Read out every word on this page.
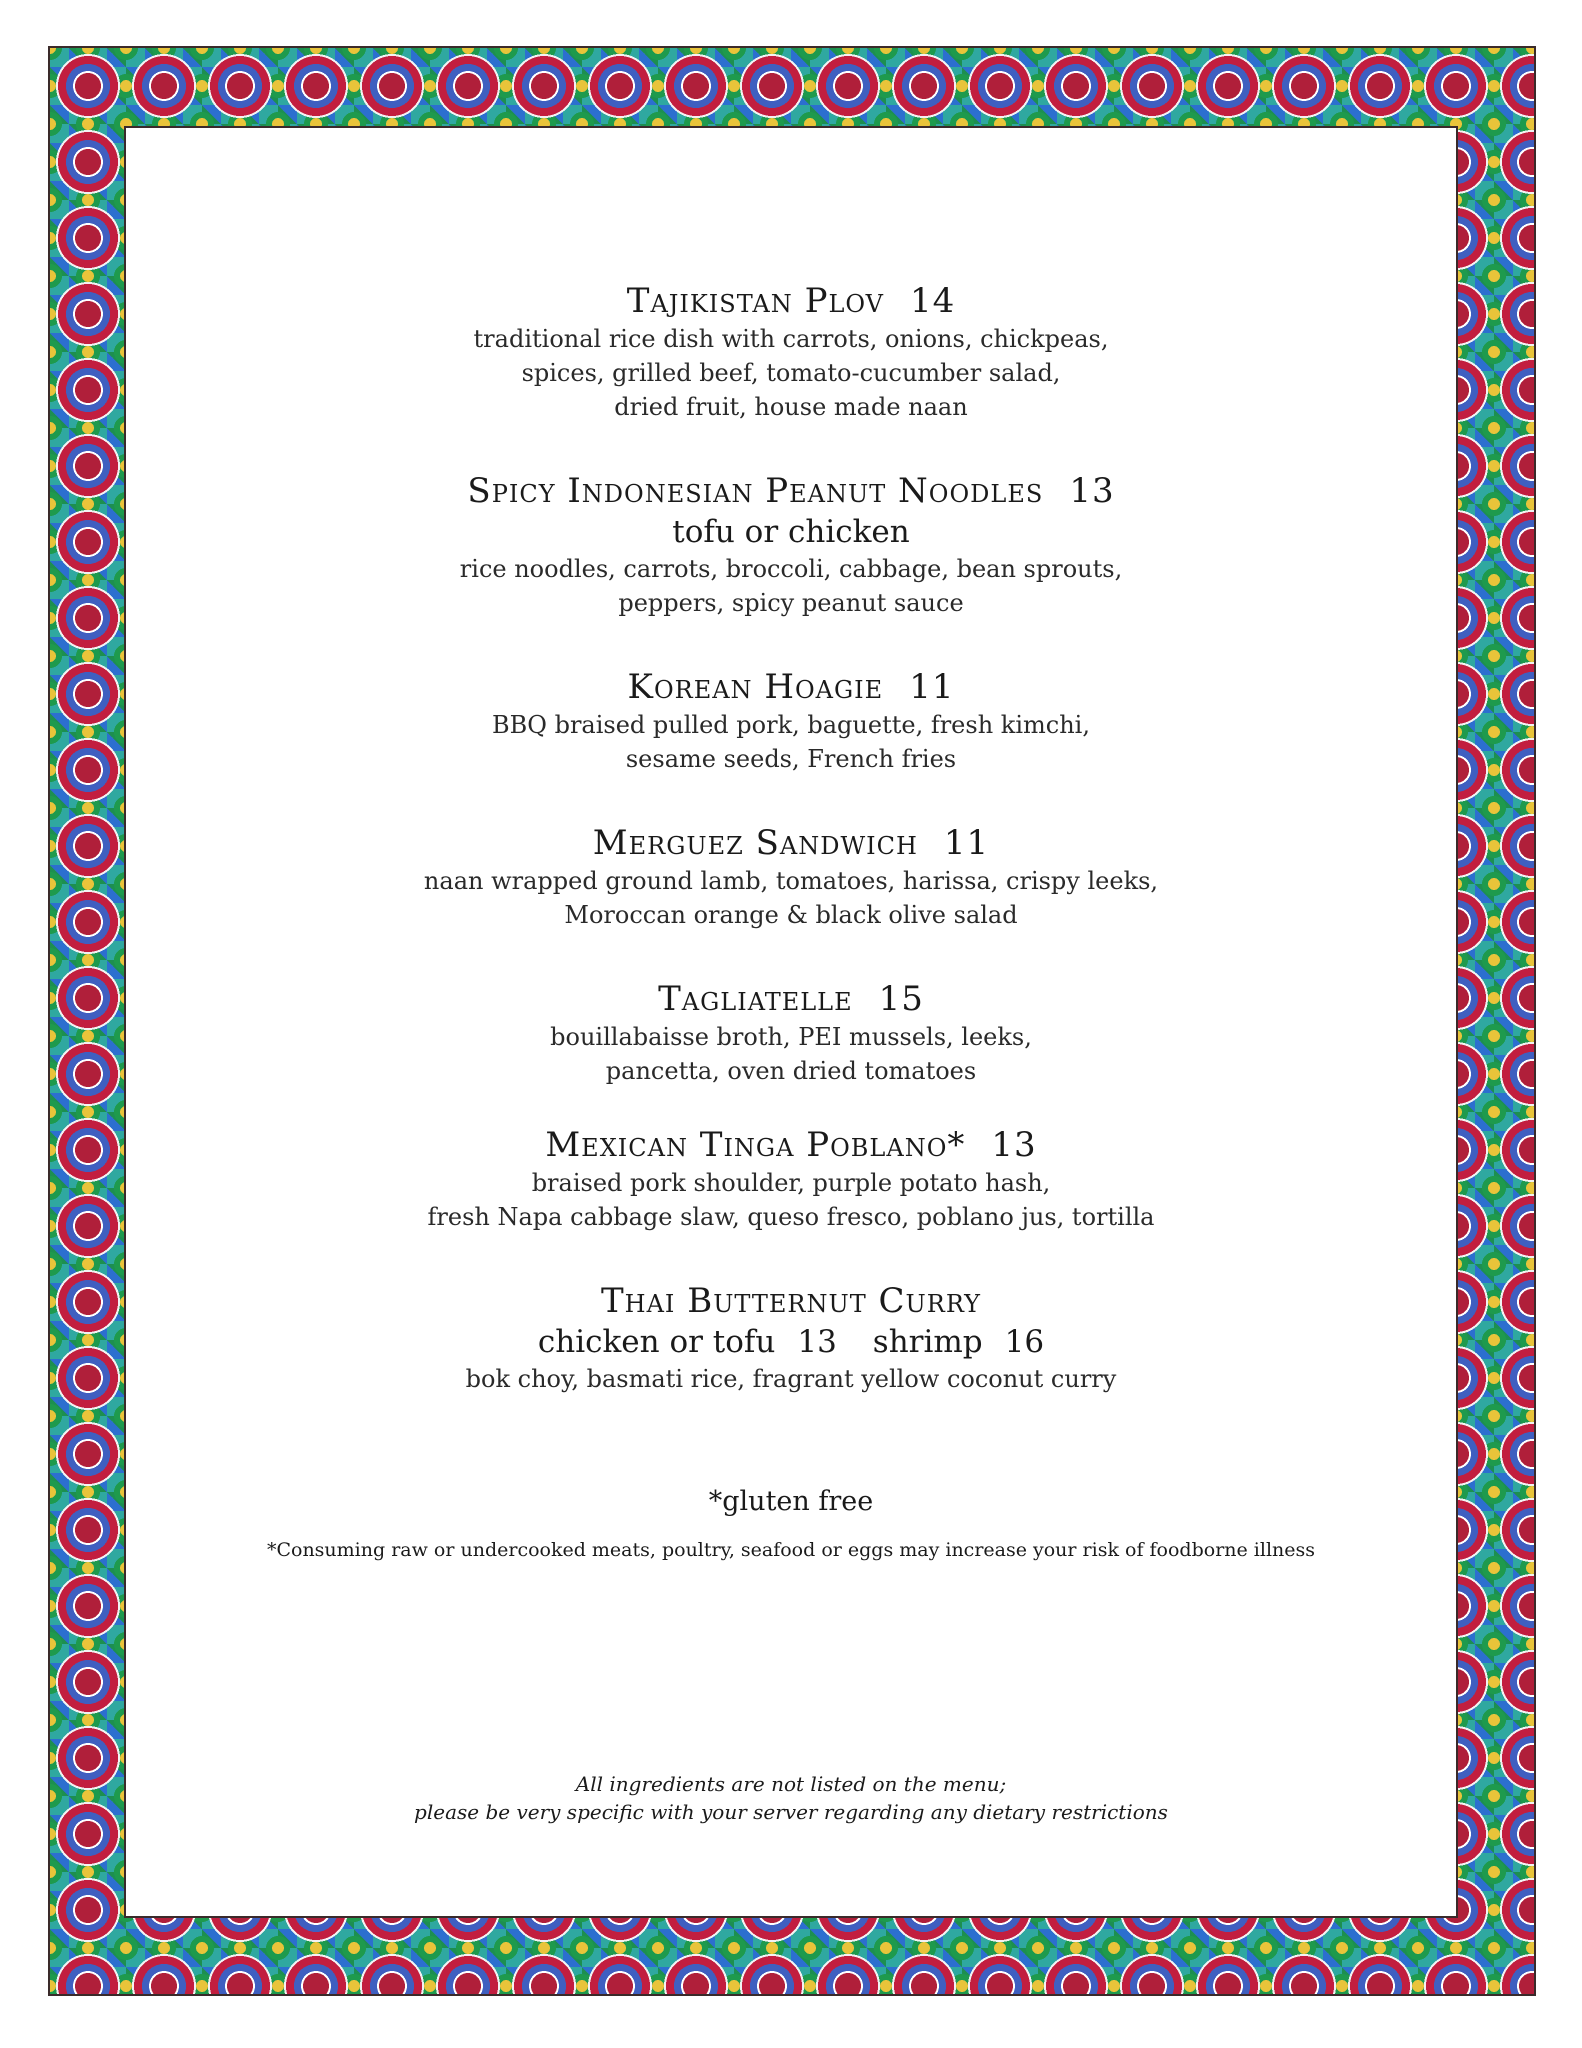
Tajikistan Plov 14
traditional rice dish with carrots, onions, chickpeas,
spices, grilled beef, tomato-cucumber salad,
dried fruit, house made naan
Spicy Indonesian Peanut Noodles 13
tofu or chicken
rice noodles, carrots, broccoli, cabbage, bean sprouts,
peppers, spicy peanut sauce
Korean Hoagie 11
BBQ braised pulled pork, baguette, fresh kimchi,
sesame seeds, French fries
Merguez Sandwich 11
naan wrapped ground lamb, tomatoes, harissa, crispy leeks,
Moroccan orange & black olive salad
Tagliatelle 15
bouillabaisse broth, PEI mussels, leeks,
pancetta, oven dried tomatoes
Mexican Tinga Poblano* 13
braised pork shoulder, purple potato hash,
fresh Napa cabbage slaw, queso fresco, poblano jus, tortilla
Thai Butternut Curry
chicken or tofu 13 shrimp 16
bok choy, basmati rice, fragrant yellow coconut curry
*gluten free
*Consuming raw or undercooked meats, poultry, seafood or eggs may increase your risk of foodborne illness
All ingredients are not listed on the menu;
please be very specific with your server regarding any dietary restrictions
